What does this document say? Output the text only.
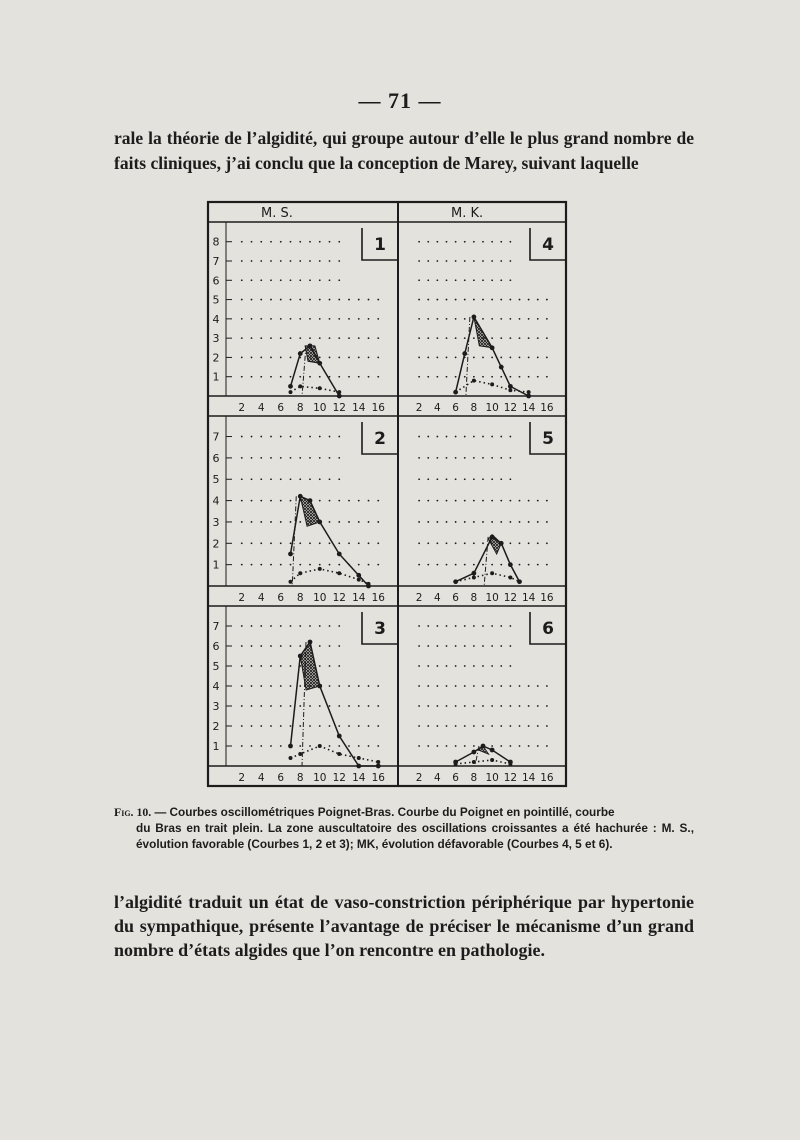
— 71 —

rale la théorie de l’algidité, qui groupe autour d’elle le plus grand nombre de faits cliniques, j’ai conclu que la conception de Marey, suivant laquelle

M. S.	M. K.
2 4 6 8 10 12 14 16
1
2
3
4
5
6
7
8	1
2 4 6 8 10 12 14 16
4
2 4 6 8 10 12 14 16
1
2
3
4
5
6
7	2
2 4 6 8 10 12 14 16
5
2 4 6 8 10 12 14 16
1
2
3
4
5
6
7	3
2 4 6 8 10 12 14 16
6

Fig. 10. — Courbes oscillométriques Poignet-Bras. Courbe du Poignet en pointillé, courbe
du Bras en trait plein. La zone auscultatoire des oscillations croissantes a été hachurée : M. S., évolution favorable (Courbes 1, 2 et 3); MK, évolution défavorable (Courbes 4, 5 et 6).

l’algidité traduit un état de vaso-constriction périphérique par hypertonie du sympathique, présente l’avantage de préciser le mécanisme d’un grand nombre d’états algides que l’on rencontre en pathologie.
